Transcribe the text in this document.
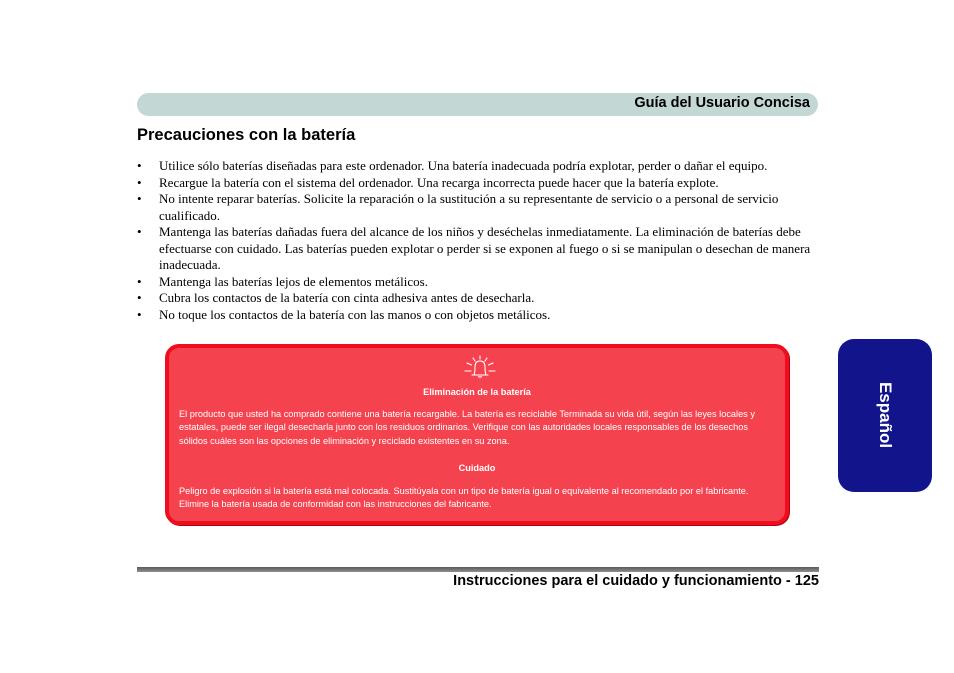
Guía del Usuario Concisa
Precauciones con la batería
• Utilice sólo baterías diseñadas para este ordenador. Una batería inadecuada podría explotar, perder o dañar el equipo.
• Recargue la batería con el sistema del ordenador. Una recarga incorrecta puede hacer que la batería explote.
• No intente reparar baterías. Solicite la reparación o la sustitución a su representante de servicio o a personal de servicio cualificado.
• Mantenga las baterías dañadas fuera del alcance de los niños y deséchelas inmediatamente. La eliminación de baterías debe efectuarse con cuidado. Las baterías pueden explotar o perder si se exponen al fuego o si se manipulan o desechan de manera inadecuada.
• Mantenga las baterías lejos de elementos metálicos.
• Cubra los contactos de la batería con cinta adhesiva antes de desecharla.
• No toque los contactos de la batería con las manos o con objetos metálicos.
Eliminación de la batería

El producto que usted ha comprado contiene una batería recargable. La batería es reciclable Terminada su vida útil, según las leyes locales y estatales, puede ser ilegal desecharla junto con los residuos ordinarios. Verifique con las autoridades locales responsables de los desechos sólidos cuáles son las opciones de eliminación y reciclado existentes en su zona.

Cuidado

Peligro de explosión si la batería está mal colocada. Sustitúyala con un tipo de batería igual o equivalente al recomendado por el fabricante. Elimine la batería usada de conformidad con las instrucciones del fabricante.

Instrucciones para el cuidado y funcionamiento - 125
Español
